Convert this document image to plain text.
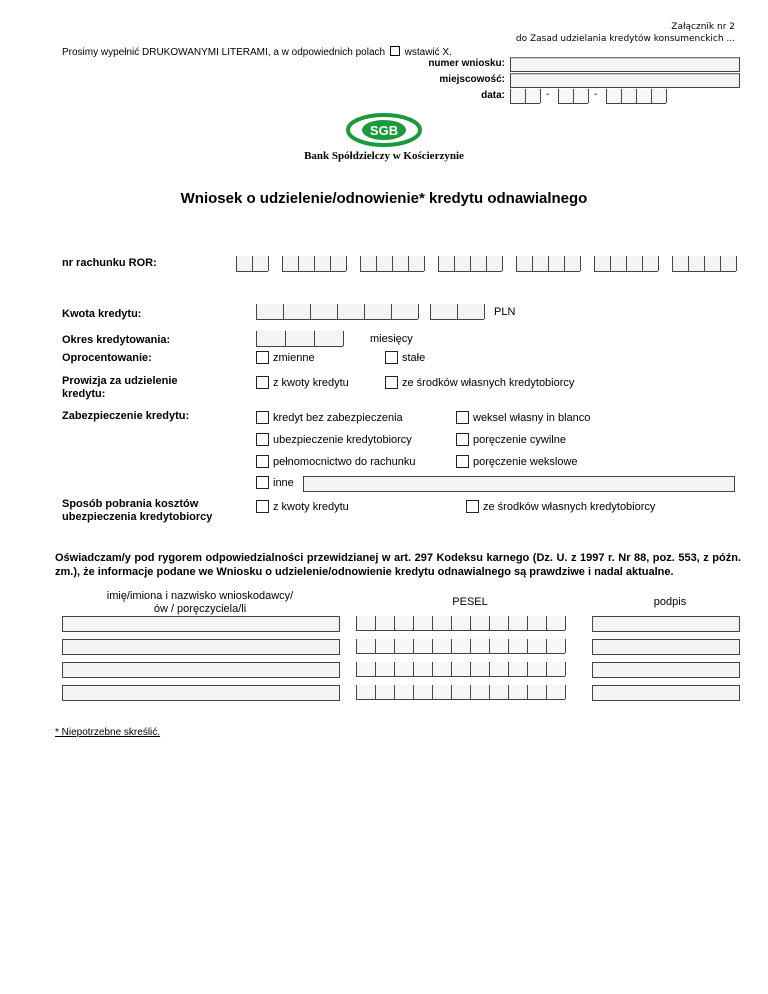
Załącznik nr 2
do Zasad udzielania kredytów konsumenckich ...
Prosimy wypełnić DRUKOWANYMI LITERAMI, a w odpowiednich polach wstawić X.
numer wniosku:
miejscowość:
data:	-	-
SGB
Bank Spółdzielczy w Kościerzynie
Wniosek o udzielenie/odnowienie* kredytu odnawialnego
nr rachunku ROR:
Kwota kredytu:	PLN
Okres kredytowania:	miesięcy
Oprocentowanie:	zmienne	stałe
Prowizja za udzielenie kredytu:
z kwoty kredytu	ze środków własnych kredytobiorcy
Zabezpieczenie kredytu:	kredyt bez zabezpieczenia	weksel własny in blanco
ubezpieczenie kredytobiorcy	poręczenie cywilne
pełnomocnictwo do rachunku	poręczenie wekslowe
inne
Sposób pobrania kosztów ubezpieczenia kredytobiorcy
z kwoty kredytu	ze środków własnych kredytobiorcy
Oświadczam/y pod rygorem odpowiedzialności przewidzianej w art. 297 Kodeksu karnego (Dz. U. z 1997 r. Nr 88, poz. 553, z późn. zm.), że informacje podane we Wniosku o udzielenie/odnowienie kredytu odnawialnego są prawdziwe i nadal aktualne.
imię/imiona i nazwisko wnioskodawcy/ów / poręczyciela/li
PESEL	podpis
* Niepotrzebne skreślić.
